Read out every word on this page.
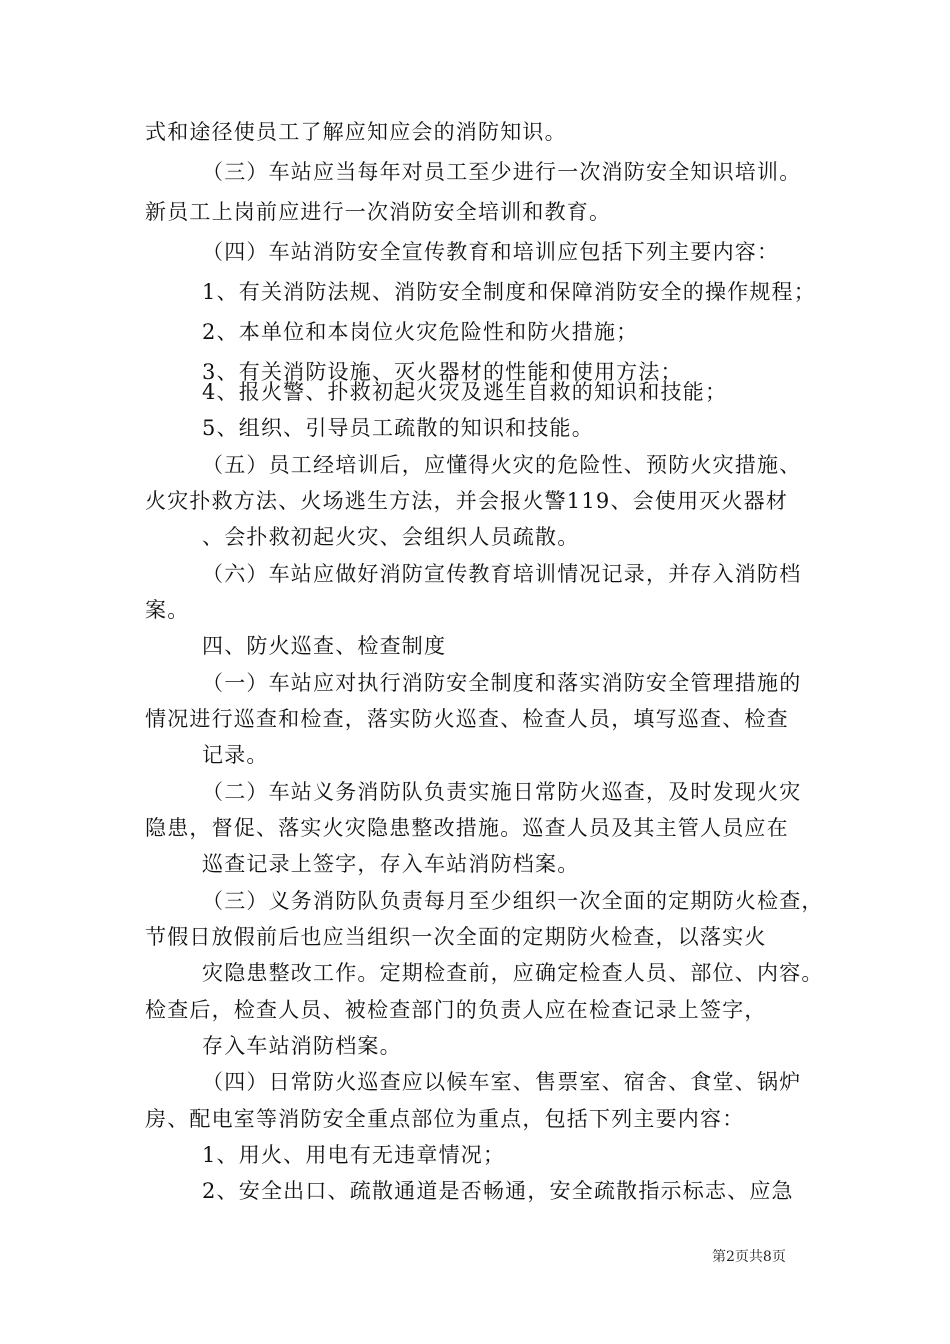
式和途径使员工了解应知应会的消防知识。
（三）车站应当每年对员工至少进行一次消防安全知识培训。
新员工上岗前应进行一次消防安全培训和教育。
（四）车站消防安全宣传教育和培训应包括下列主要内容：
1、有关消防法规、消防安全制度和保障消防安全的操作规程；
2、本单位和本岗位火灾危险性和防火措施；
3、有关消防设施、灭火器材的性能和使用方法；
4、报火警、扑救初起火灾及逃生自救的知识和技能；
5、组织、引导员工疏散的知识和技能。
（五）员工经培训后，应懂得火灾的危险性、预防火灾措施、
火灾扑救方法、火场逃生方法，并会报火警119、会使用灭火器材
、会扑救初起火灾、会组织人员疏散。
（六）车站应做好消防宣传教育培训情况记录，并存入消防档
案。
四、防火巡查、检查制度
（一）车站应对执行消防安全制度和落实消防安全管理措施的
情况进行巡查和检查，落实防火巡查、检查人员，填写巡查、检查
记录。
（二）车站义务消防队负责实施日常防火巡查，及时发现火灾
隐患，督促、落实火灾隐患整改措施。巡查人员及其主管人员应在
巡查记录上签字，存入车站消防档案。
（三）义务消防队负责每月至少组织一次全面的定期防火检查，
节假日放假前后也应当组织一次全面的定期防火检查，以落实火
灾隐患整改工作。定期检查前，应确定检查人员、部位、内容。
检查后，检查人员、被检查部门的负责人应在检查记录上签字，
存入车站消防档案。
（四）日常防火巡查应以候车室、售票室、宿舍、食堂、锅炉
房、配电室等消防安全重点部位为重点，包括下列主要内容：
1、用火、用电有无违章情况；
2、安全出口、疏散通道是否畅通，安全疏散指示标志、应急
第2页共8页
